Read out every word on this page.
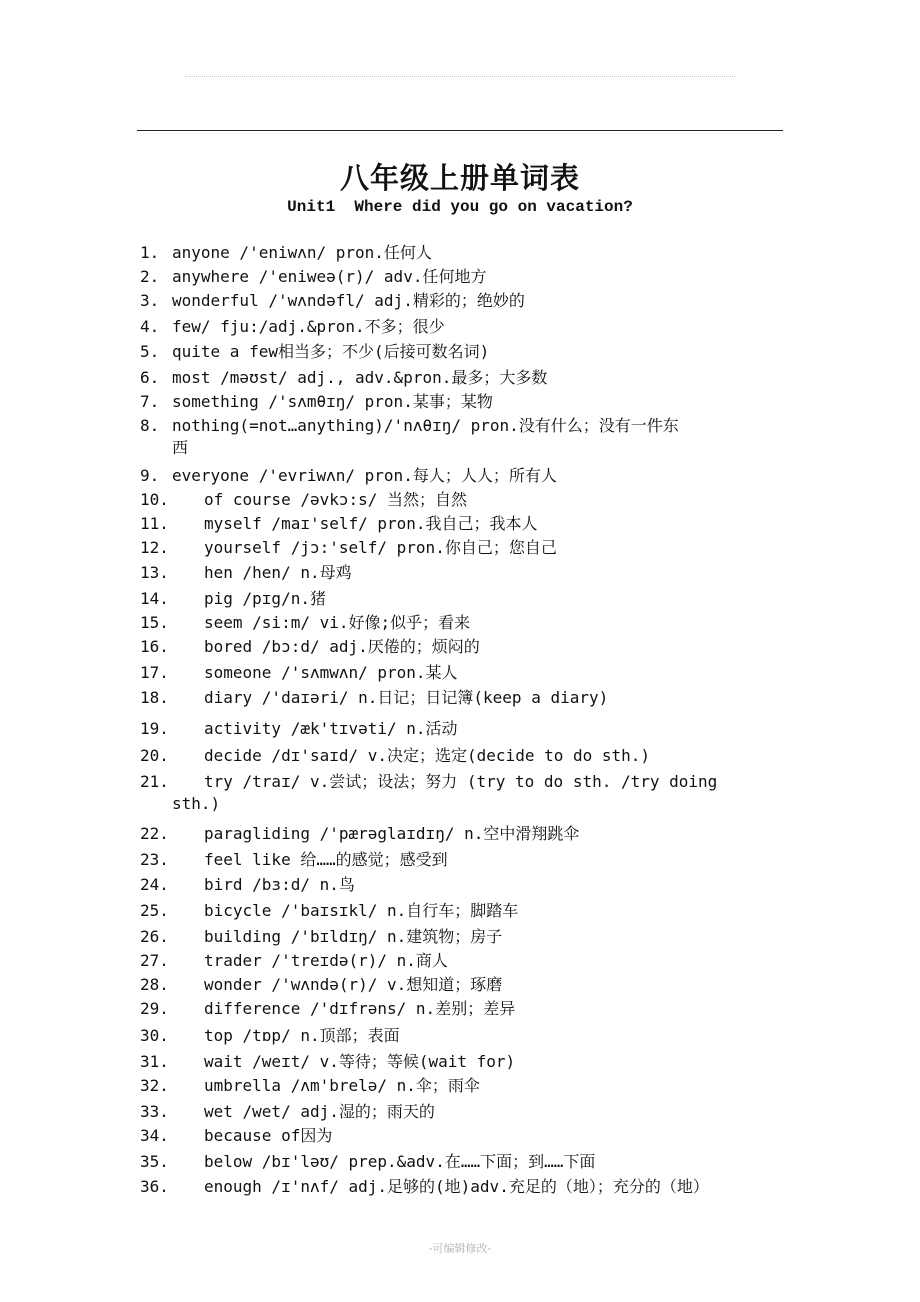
八年级上册单词表
Unit1  Where did you go on vacation?
1. anyone /'eniwʌn/ pron.任何人
2. anywhere /'eniweə(r)/ adv.任何地方
3. wonderful /'wʌndəfl/ adj.精彩的；绝妙的
4. few/ fju:/adj.&pron.不多；很少
5. quite a few相当多；不少(后接可数名词)
6. most /məʊst/ adj., adv.&pron.最多；大多数
7. something /'sʌmθɪŋ/ pron.某事；某物
8. nothing(=not…anything)/'nʌθɪŋ/ pron.没有什么；没有一件东
西
9. everyone /'evriwʌn/ pron.每人；人人；所有人
10. of course /əvkɔ:s/ 当然；自然
11. myself /maɪ'self/ pron.我自己；我本人
12. yourself /jɔ:'self/ pron.你自己；您自己
13. hen /hen/ n.母鸡
14. pig /pɪg/n.猪
15. seem /si:m/ vi.好像;似乎；看来
16. bored /bɔ:d/ adj.厌倦的；烦闷的
17. someone /'sʌmwʌn/ pron.某人
18. diary /'daɪəri/ n.日记；日记簿(keep a diary)
19. activity /æk'tɪvəti/ n.活动
20. decide /dɪ'saɪd/ v.决定；选定(decide to do sth.)
21. try /traɪ/ v.尝试；设法；努力 (try to do sth. /try doing
sth.)
22. paragliding /'pærəglaɪdɪŋ/ n.空中滑翔跳伞
23. feel like 给……的感觉；感受到
24. bird /bɜ:d/ n.鸟
25. bicycle /'baɪsɪkl/ n.自行车；脚踏车
26. building /'bɪldɪŋ/ n.建筑物；房子
27. trader /'treɪdə(r)/ n.商人
28. wonder /'wʌndə(r)/ v.想知道；琢磨
29. difference /'dɪfrəns/ n.差别；差异
30. top /tɒp/ n.顶部；表面
31. wait /weɪt/ v.等待；等候(wait for)
32. umbrella /ʌm'brelə/ n.伞；雨伞
33. wet /wet/ adj.湿的；雨天的
34. because of因为
35. below /bɪ'ləʊ/ prep.&adv.在……下面；到……下面
36. enough /ɪ'nʌf/ adj.足够的(地)adv.充足的（地）；充分的（地）
-可编辑修改-
